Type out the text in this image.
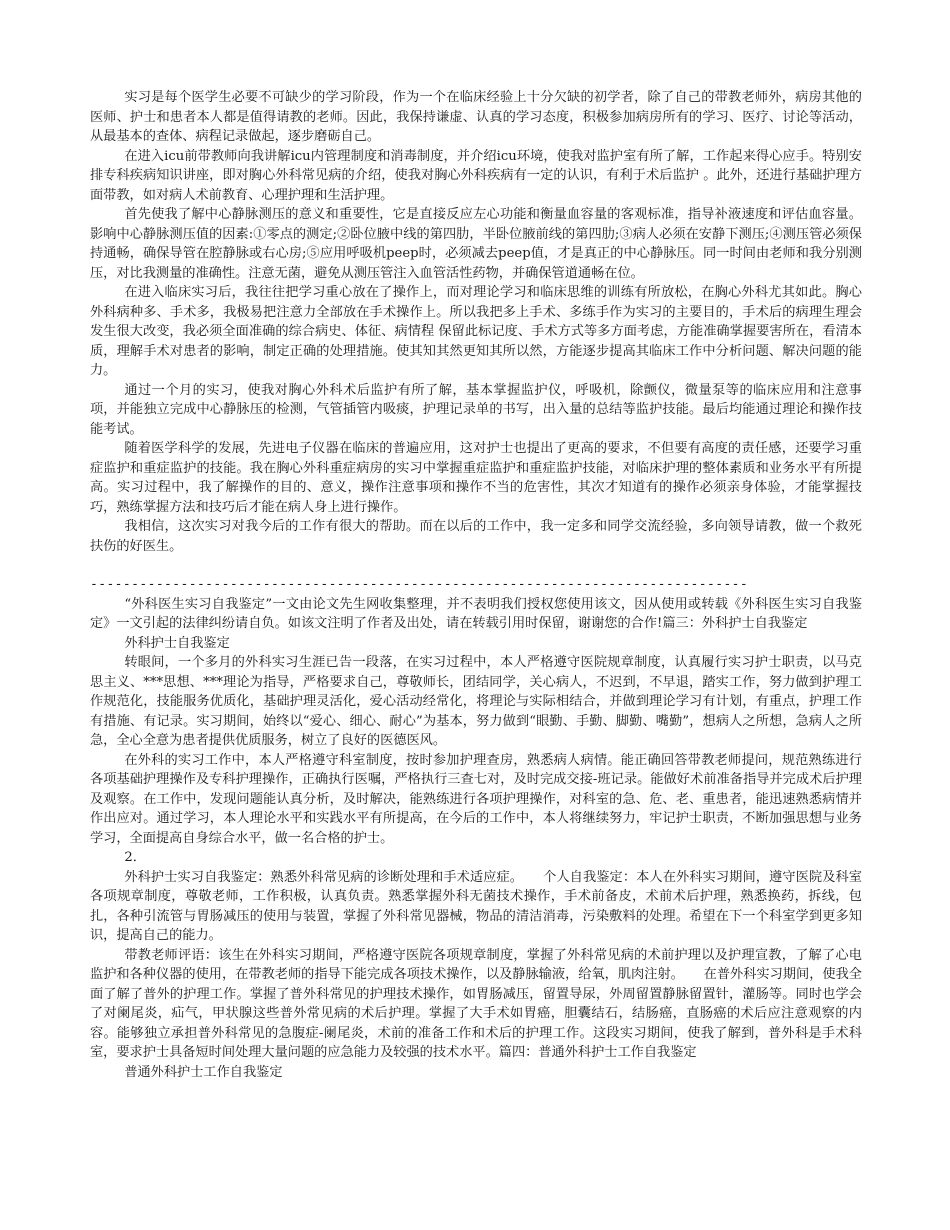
实习是每个医学生必要不可缺少的学习阶段，作为一个在临床经验上十分欠缺的初学者，除了自己的带教老师外，病房其他的医师、护士和患者本人都是值得请教的老师。因此，我保持谦虚、认真的学习态度，积极参加病房所有的学习、医疗、讨论等活动，从最基本的查体、病程记录做起，逐步磨砺自己。

在进入icu前带教师向我讲解icu内管理制度和消毒制度，并介绍icu环境，使我对监护室有所了解，工作起来得心应手。特别安排专科疾病知识讲座，即对胸心外科常见病的介绍，使我对胸心外科疾病有一定的认识，有利于术后监护 。此外，还进行基础护理方面带教，如对病人术前教育、心理护理和生活护理。

首先使我了解中心静脉测压的意义和重要性，它是直接反应左心功能和衡量血容量的客观标准，指导补液速度和评估血容量。影响中心静脉测压值的因素:①零点的测定;②卧位腋中线的第四肋，半卧位腋前线的第四肋;③病人必须在安静下测压;④测压管必须保持通畅，确保导管在腔静脉或右心房;⑤应用呼吸机peep时，必须减去peep值，才是真正的中心静脉压。同一时间由老师和我分别测压，对比我测量的准确性。注意无菌，避免从测压管注入血管活性药物，并确保管道通畅在位。

在进入临床实习后，我往往把学习重心放在了操作上，而对理论学习和临床思维的训练有所放松，在胸心外科尤其如此。胸心外科病种多、手术多，我极易把注意力全部放在手术操作上。所以我把多上手术、多练手作为实习的主要目的，手术后的病理生理会发生很大改变，我必须全面准确的综合病史、体征、病情程 保留此标记度、手术方式等多方面考虑，方能准确掌握要害所在，看清本质，理解手术对患者的影响，制定正确的处理措施。使其知其然更知其所以然，方能逐步提高其临床工作中分析问题、解决问题的能力。

通过一个月的实习，使我对胸心外科术后监护有所了解，基本掌握监护仪，呼吸机，除颤仪，微量泵等的临床应用和注意事项，并能独立完成中心静脉压的检测，气管插管内吸痰，护理记录单的书写，出入量的总结等监护技能。最后均能通过理论和操作技能考试。

随着医学科学的发展，先进电子仪器在临床的普遍应用，这对护士也提出了更高的要求，不但要有高度的责任感，还要学习重症监护和重症监护的技能。我在胸心外科重症病房的实习中掌握重症监护和重症监护技能，对临床护理的整体素质和业务水平有所提高。实习过程中，我了解操作的目的、意义，操作注意事项和操作不当的危害性，其次才知道有的操作必须亲身体验，才能掌握技巧，熟练掌握方法和技巧后才能在病人身上进行操作。

我相信，这次实习对我今后的工作有很大的帮助。而在以后的工作中，我一定多和同学交流经验，多向领导请教，做一个救死扶伤的好医生。

--------------------------------------------------------------------------------

“外科医生实习自我鉴定”一文由论文先生网收集整理，并不表明我们授权您使用该文，因从使用或转载《外科医生实习自我鉴定》一文引起的法律纠纷请自负。如该文注明了作者及出处，请在转载引用时保留，谢谢您的合作!篇三：外科护士自我鉴定

外科护士自我鉴定

转眼间，一个多月的外科实习生涯已告一段落，在实习过程中，本人严格遵守医院规章制度，认真履行实习护士职责，以马克思主义、***思想、***理论为指导，严格要求自己，尊敬师长，团结同学，关心病人，不迟到，不早退，踏实工作，努力做到护理工作规范化，技能服务优质化，基础护理灵活化，爱心活动经常化，将理论与实际相结合，并做到理论学习有计划，有重点，护理工作有措施、有记录。实习期间，始终以“爱心、细心、耐心”为基本，努力做到“眼勤、手勤、脚勤、嘴勤”，想病人之所想，急病人之所急，全心全意为患者提供优质服务，树立了良好的医德医风。

在外科的实习工作中，本人严格遵守科室制度，按时参加护理查房，熟悉病人病情。能正确回答带教老师提问，规范熟练进行各项基础护理操作及专科护理操作，正确执行医嘱，严格执行三查七对，及时完成交接-班记录。能做好术前准备指导并完成术后护理及观察。在工作中，发现问题能认真分析，及时解决，能熟练进行各项护理操作，对科室的急、危、老、重患者，能迅速熟悉病情并作出应对。通过学习，本人理论水平和实践水平有所提高，在今后的工作中，本人将继续努力，牢记护士职责，不断加强思想与业务学习，全面提高自身综合水平，做一名合格的护士。

2．

外科护士实习自我鉴定：熟悉外科常见病的诊断处理和手术适应症。　　个人自我鉴定：本人在外科实习期间，遵守医院及科室各项规章制度，尊敬老师，工作积极，认真负责。熟悉掌握外科无菌技术操作，手术前备皮，术前术后护理，熟悉换药，拆线，包扎，各种引流管与胃肠减压的使用与装置，掌握了外科常见器械，物品的清洁消毒，污染敷料的处理。希望在下一个科室学到更多知识，提高自己的能力。

带教老师评语：该生在外科实习期间，严格遵守医院各项规章制度，掌握了外科常见病的术前护理以及护理宣教，了解了心电监护和各种仪器的使用，在带教老师的指导下能完成各项技术操作，以及静脉输液，给氧，肌肉注射。　　在普外科实习期间，使我全面了解了普外的护理工作。掌握了普外科常见的护理技术操作，如胃肠减压，留置导尿，外周留置静脉留置针，灌肠等。同时也学会了对阑尾炎，疝气，甲状腺这些普外常见病的术后护理。掌握了大手术如胃癌，胆囊结石，结肠癌，直肠癌的术后应注意观察的内容。能够独立承担普外科常见的急腹症-阑尾炎，术前的准备工作和术后的护理工作。这段实习期间，使我了解到，普外科是手术科室，要求护士具备短时间处理大量问题的应急能力及较强的技术水平。篇四：普通外科护士工作自我鉴定

普通外科护士工作自我鉴定
